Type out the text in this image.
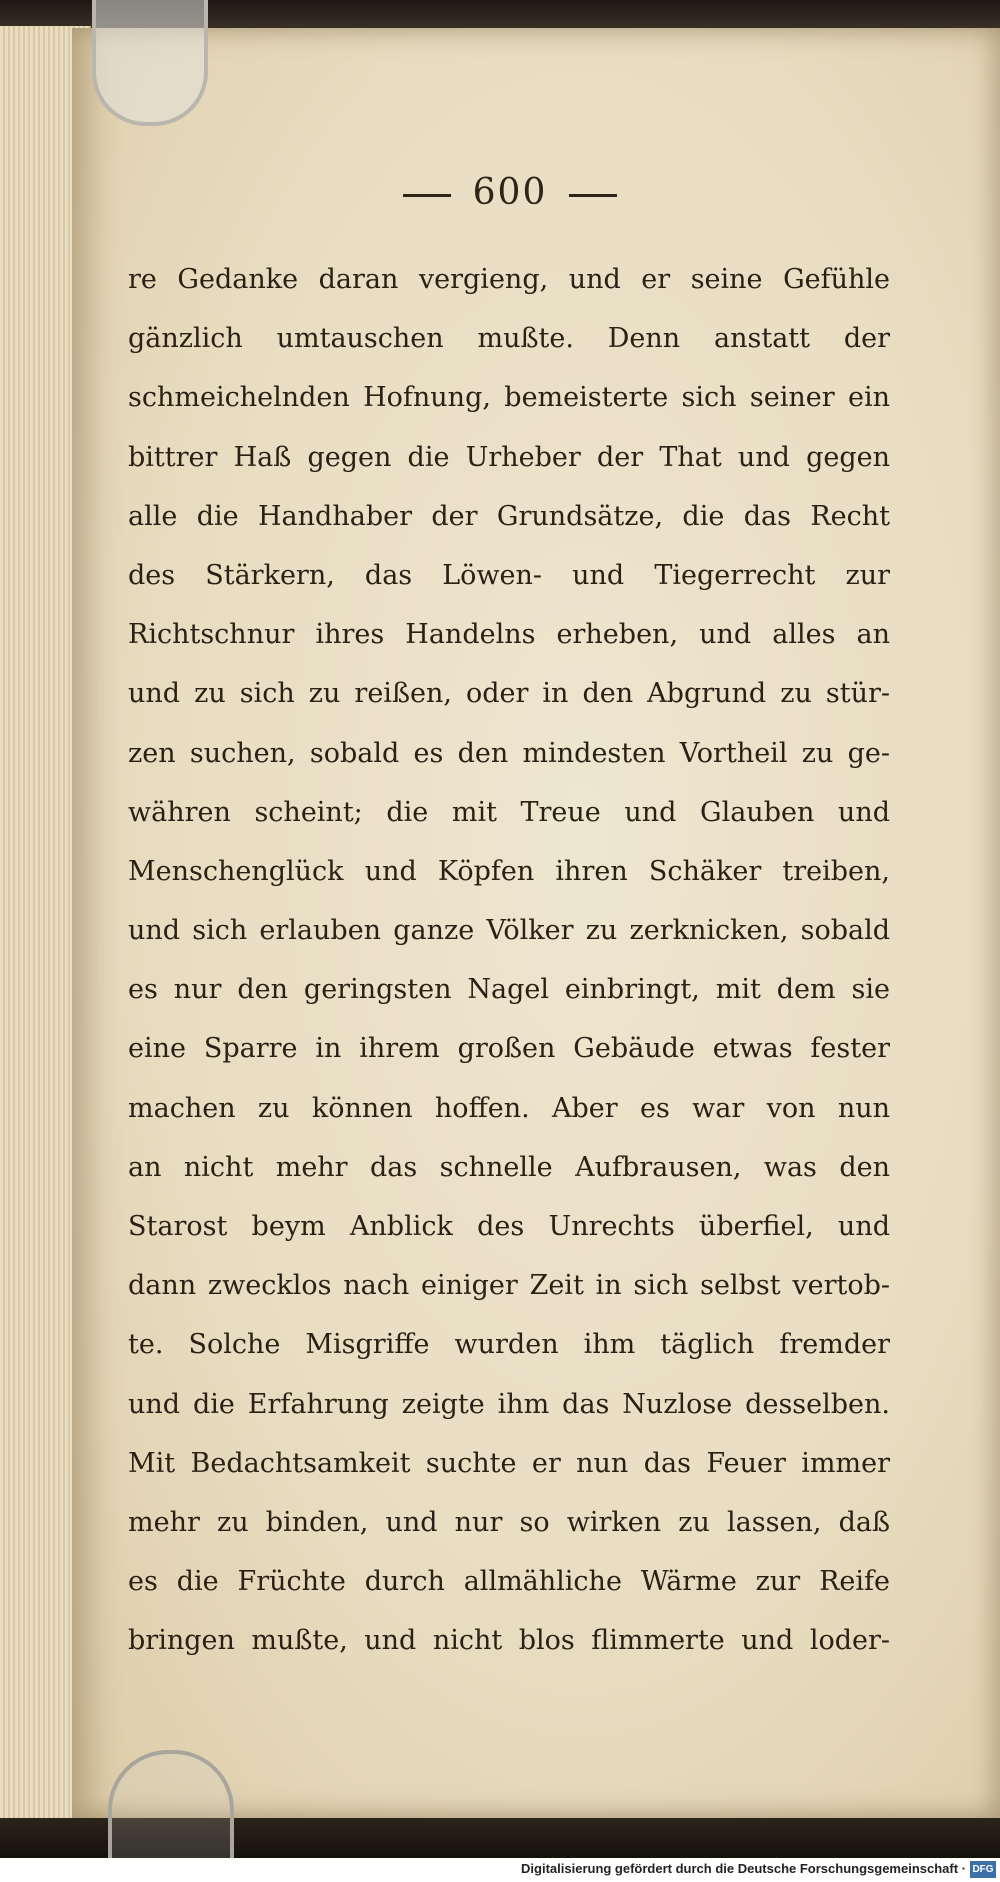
600
re Gedanke daran vergieng, und er seine Gefühle
gänzlich umtauschen mußte. Denn anstatt der
schmeichelnden Hofnung, bemeisterte sich seiner ein
bittrer Haß gegen die Urheber der That und gegen
alle die Handhaber der Grundsätze, die das Recht
des Stärkern, das Löwen- und Tiegerrecht zur
Richtschnur ihres Handelns erheben, und alles an
und zu sich zu reißen, oder in den Abgrund zu stür-
zen suchen, sobald es den mindesten Vortheil zu ge-
währen scheint; die mit Treue und Glauben und
Menschenglück und Köpfen ihren Schäker treiben,
und sich erlauben ganze Völker zu zerknicken, sobald
es nur den geringsten Nagel einbringt, mit dem sie
eine Sparre in ihrem großen Gebäude etwas fester
machen zu können hoffen. Aber es war von nun
an nicht mehr das schnelle Aufbrausen, was den
Starost beym Anblick des Unrechts überfiel, und
dann zwecklos nach einiger Zeit in sich selbst vertob-
te. Solche Misgriffe wurden ihm täglich fremder
und die Erfahrung zeigte ihm das Nuzlose desselben.
Mit Bedachtsamkeit suchte er nun das Feuer immer
mehr zu binden, und nur so wirken zu lassen, daß
es die Früchte durch allmähliche Wärme zur Reife
bringen mußte, und nicht blos flimmerte und loder-
Digitalisierung gefördert durch die Deutsche Forschungsgemeinschaft · DFG
